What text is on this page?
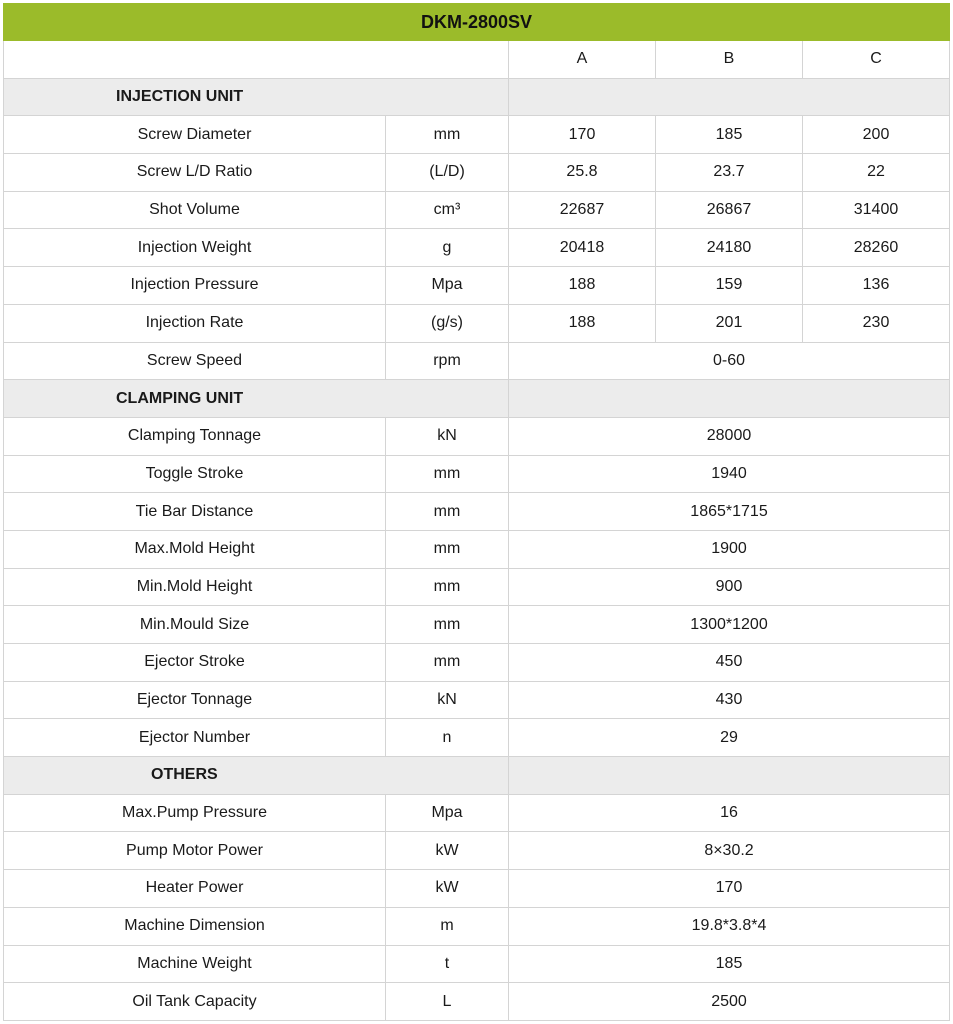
DKM-2800SV				
		A	B	C
INJECTION UNIT				
Screw Diameter	mm	170	185	200
Screw L/D Ratio	(L/D)	25.8	23.7	22
Shot Volume	cm³	22687	26867	31400
Injection Weight	g	20418	24180	28260
Injection Pressure	Mpa	188	159	136
Injection Rate	(g/s)	188	201	230
Screw Speed	rpm	0-60		
CLAMPING UNIT				
Clamping Tonnage	kN	28000		
Toggle Stroke	mm	1940		
Tie Bar Distance	mm	1865*1715		
Max.Mold Height	mm	1900		
Min.Mold Height	mm	900		
Min.Mould Size	mm	1300*1200		
Ejector Stroke	mm	450		
Ejector Tonnage	kN	430		
Ejector Number	n	29		
OTHERS				
Max.Pump Pressure	Mpa	16		
Pump Motor Power	kW	8×30.2		
Heater Power	kW	170		
Machine Dimension	m	19.8*3.8*4		
Machine Weight	t	185		
Oil Tank Capacity	L	2500		
